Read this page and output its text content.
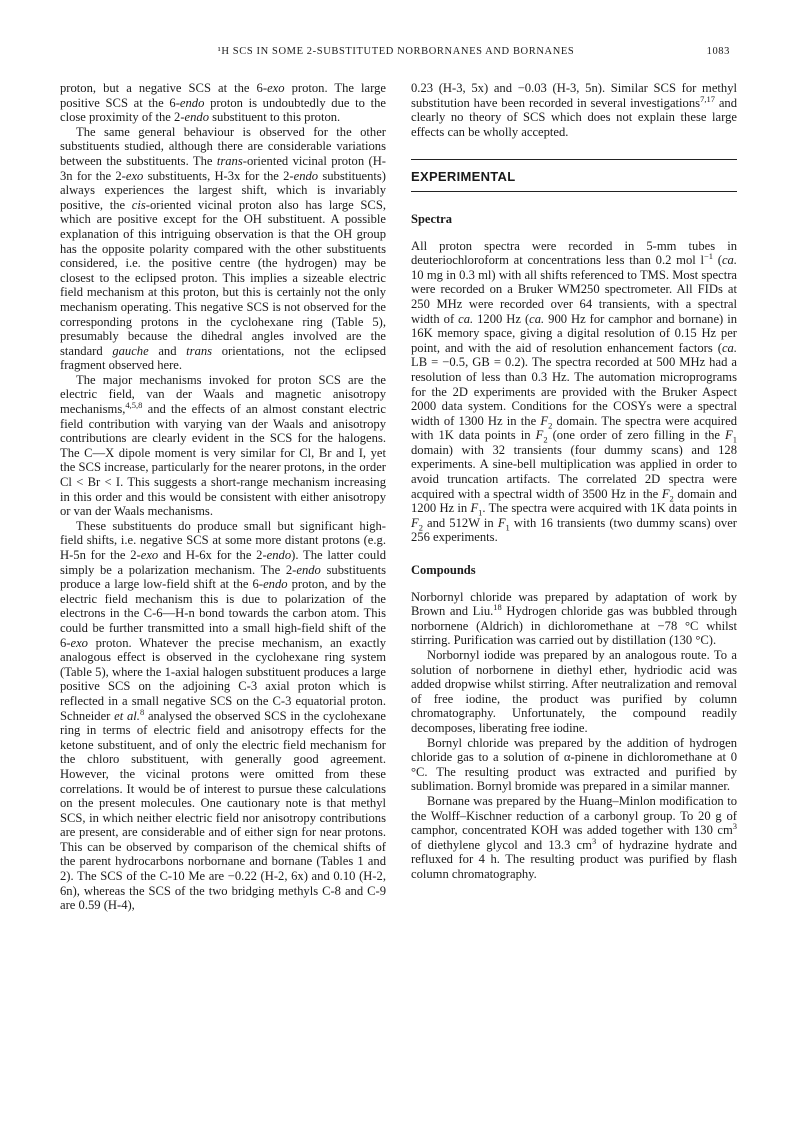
¹H SCS IN SOME 2-SUBSTITUTED NORBORNANES AND BORNANES	1083

proton, but a negative SCS at the 6-exo proton. The large positive SCS at the 6-endo proton is undoubtedly due to the close proximity of the 2-endo substituent to this proton.

The same general behaviour is observed for the other substituents studied, although there are considerable variations between the substituents. The trans-oriented vicinal proton (H-3n for the 2-exo substituents, H-3x for the 2-endo substituents) always experiences the largest shift, which is invariably positive, the cis-oriented vicinal proton also has large SCS, which are positive except for the OH substituent. A possible explanation of this intriguing observation is that the OH group has the opposite polarity compared with the other substituents considered, i.e. the positive centre (the hydrogen) may be closest to the eclipsed proton. This implies a sizeable electric field mechanism at this proton, but this is certainly not the only mechanism operating. This negative SCS is not observed for the corresponding protons in the cyclohexane ring (Table 5), presumably because the dihedral angles involved are the standard gauche and trans orientations, not the eclipsed fragment observed here.

The major mechanisms invoked for proton SCS are the electric field, van der Waals and magnetic anisotropy mechanisms,$^{4,5,8}$ and the effects of an almost constant electric field contribution with varying van der Waals and anisotropy contributions are clearly evident in the SCS for the halogens. The C—X dipole moment is very similar for Cl, Br and I, yet the SCS increase, particularly for the nearer protons, in the order Cl < Br < I. This suggests a short-range mechanism increasing in this order and this would be consistent with either anisotropy or van der Waals mechanisms.

These substituents do produce small but significant high-field shifts, i.e. negative SCS at some more distant protons (e.g. H-5n for the 2-exo and H-6x for the 2-endo). The latter could simply be a polarization mechanism. The 2-endo substituents produce a large low-field shift at the 6-endo proton, and by the electric field mechanism this is due to polarization of the electrons in the C-6—H-n bond towards the carbon atom. This could be further transmitted into a small high-field shift of the 6-exo proton. Whatever the precise mechanism, an exactly analogous effect is observed in the cyclohexane ring system (Table 5), where the 1-axial halogen substituent produces a large positive SCS on the adjoining C-3 axial proton which is reflected in a small negative SCS on the C-3 equatorial proton. Schneider et al.$^8$ analysed the observed SCS in the cyclohexane ring in terms of electric field and anisotropy effects for the ketone substituent, and of only the electric field mechanism for the chloro substituent, with generally good agreement. However, the vicinal protons were omitted from these correlations. It would be of interest to pursue these calculations on the present molecules. One cautionary note is that methyl SCS, in which neither electric field nor anisotropy contributions are present, are considerable and of either sign for near protons. This can be observed by comparison of the chemical shifts of the parent hydrocarbons norbornane and bornane (Tables 1 and 2). The SCS of the C-10 Me are −0.22 (H-2, 6x) and 0.10 (H-2, 6n), whereas the SCS of the two bridging methyls C-8 and C-9 are 0.59 (H-4),

0.23 (H-3, 5x) and −0.03 (H-3, 5n). Similar SCS for methyl substitution have been recorded in several investigations$^{7,17}$ and clearly no theory of SCS which does not explain these large effects can be wholly accepted.

EXPERIMENTAL
Spectra

All proton spectra were recorded in 5-mm tubes in deuteriochloroform at concentrations less than 0.2 mol $l^{-1}$ (ca. 10 mg in 0.3 ml) with all shifts referenced to TMS. Most spectra were recorded on a Bruker WM250 spectrometer. All FIDs at 250 MHz were recorded over 64 transients, with a spectral width of ca. 1200 Hz (ca. 900 Hz for camphor and bornane) in 16K memory space, giving a digital resolution of 0.15 Hz per point, and with the aid of resolution enhancement factors (ca. LB = −0.5, GB = 0.2). The spectra recorded at 500 MHz had a resolution of less than 0.3 Hz. The automation microprograms for the 2D experiments are provided with the Bruker Aspect 2000 data system. Conditions for the COSYs were a spectral width of 1300 Hz in the $F_2$ domain. The spectra were acquired with 1K data points in $F_2$ (one order of zero filling in the $F_1$ domain) with 32 transients (four dummy scans) and 128 experiments. A sine-bell multiplication was applied in order to avoid truncation artifacts. The correlated 2D spectra were acquired with a spectral width of 3500 Hz in the $F_2$ domain and 1200 Hz in $F_1$. The spectra were acquired with 1K data points in $F_2$ and 512W in $F_1$ with 16 transients (two dummy scans) over 256 experiments.

Compounds

Norbornyl chloride was prepared by adaptation of work by Brown and Liu.$^{18}$ Hydrogen chloride gas was bubbled through norbornene (Aldrich) in dichloromethane at −78 °C whilst stirring. Purification was carried out by distillation (130 °C).

Norbornyl iodide was prepared by an analogous route. To a solution of norbornene in diethyl ether, hydriodic acid was added dropwise whilst stirring. After neutralization and removal of free iodine, the product was purified by column chromatography. Unfortunately, the compound readily decomposes, liberating free iodine.

Bornyl chloride was prepared by the addition of hydrogen chloride gas to a solution of α-pinene in dichloromethane at 0 °C. The resulting product was extracted and purified by sublimation. Bornyl bromide was prepared in a similar manner.

Bornane was prepared by the Huang–Minlon modification to the Wolff–Kischner reduction of a carbonyl group. To 20 g of camphor, concentrated KOH was added together with 130 $cm^3$ of diethylene glycol and 13.3 $cm^3$ of hydrazine hydrate and refluxed for 4 h. The resulting product was purified by flash column chromatography.
